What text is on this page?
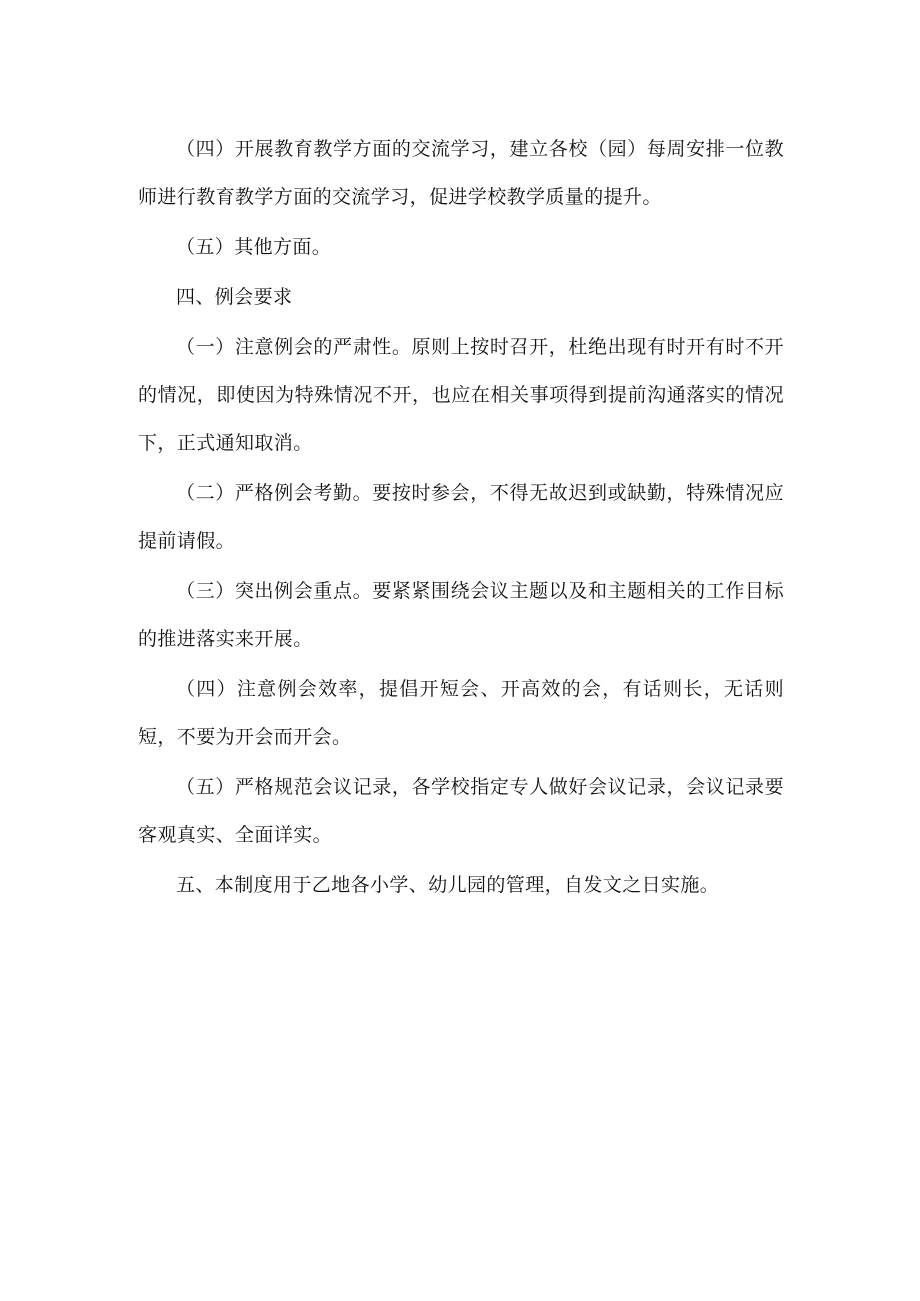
（四）开展教育教学方面的交流学习，建立各校（园）每周安排一位教师进行教育教学方面的交流学习，促进学校教学质量的提升。

（五）其他方面。

四、例会要求

（一）注意例会的严肃性。原则上按时召开，杜绝出现有时开有时不开的情况，即使因为特殊情况不开，也应在相关事项得到提前沟通落实的情况下，正式通知取消。

（二）严格例会考勤。要按时参会，不得无故迟到或缺勤，特殊情况应提前请假。

（三）突出例会重点。要紧紧围绕会议主题以及和主题相关的工作目标的推进落实来开展。

（四）注意例会效率，提倡开短会、开高效的会，有话则长，无话则短，不要为开会而开会。

（五）严格规范会议记录，各学校指定专人做好会议记录，会议记录要客观真实、全面详实。

五、本制度用于乙地各小学、幼儿园的管理，自发文之日实施。
